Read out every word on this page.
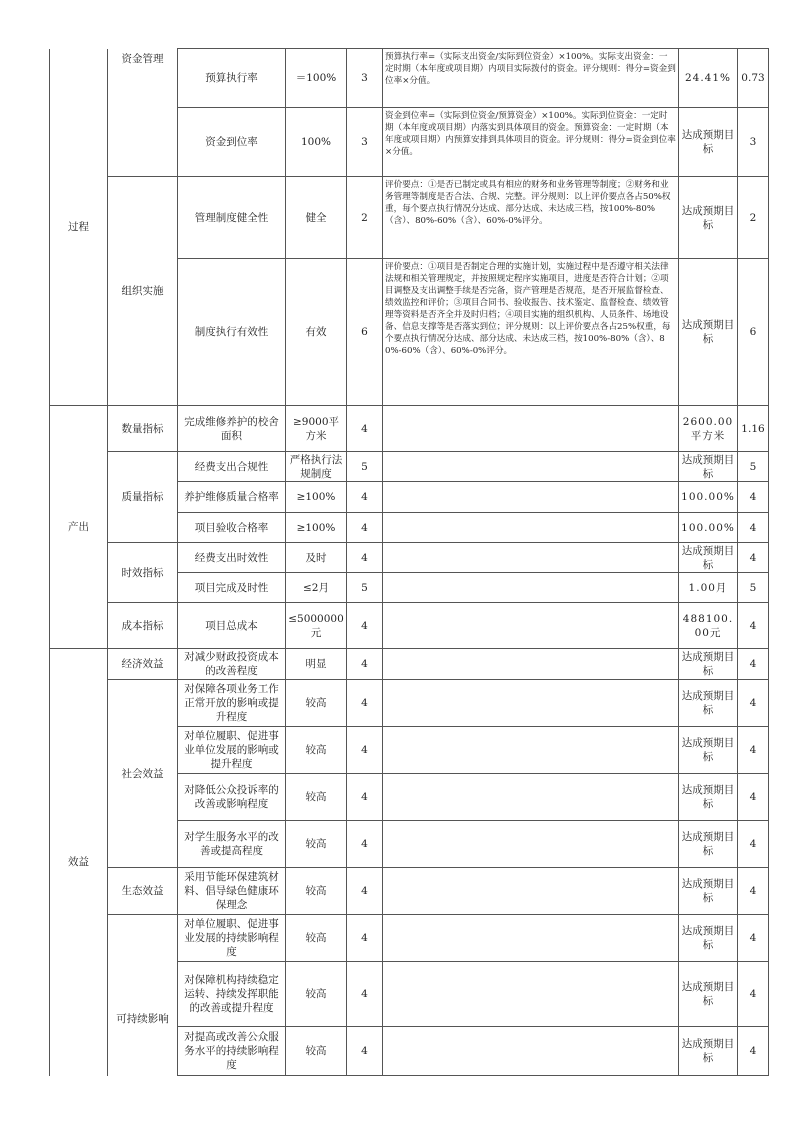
过程	资金管理	预算执行率	＝100%	3	预算执行率=（实际支出资金/实际到位资金）×100%。实际支出资金：一定时期（本年度或项目期）内项目实际拨付的资金。评分规则：得分=资金到位率×分值。	24.41%	0.73
		资金到位率	100%	3	资金到位率=（实际到位资金/预算资金）×100%。实际到位资金：一定时期（本年度或项目期）内落实到具体项目的资金。预算资金：一定时期（本年度或项目期）内预算安排到具体项目的资金。评分规则：得分=资金到位率×分值。	达成预期目标	3
	组织实施	管理制度健全性	健全	2	评价要点：①是否已制定或具有相应的财务和业务管理等制度；②财务和业务管理等制度是否合法、合规、完整。评分规则：以上评价要点各占50%权重，每个要点执行情况分达成、部分达成、未达成三档，按100%-80%（含）、80%-60%（含）、60%-0%评分。	达成预期目标	2
		制度执行有效性	有效	6	评价要点：①项目是否制定合理的实施计划，实施过程中是否遵守相关法律法规和相关管理规定，并按照规定程序实施项目，进度是否符合计划；②项目调整及支出调整手续是否完备，资产管理是否规范，是否开展监督检查、绩效监控和评价；③项目合同书、验收报告、技术鉴定、监督检查、绩效管理等资料是否齐全并及时归档；④项目实施的组织机构、人员条件、场地设备、信息支撑等是否落实到位；评分规则：以上评价要点各占25%权重，每个要点执行情况分达成、部分达成、未达成三档，按100%-80%（含）、80%-60%（含）、60%-0%评分。	达成预期目标	6
产出	数量指标	完成维修养护的校舍面积	≥9000平方米	4		2600.00平方米	1.16
	质量指标	经费支出合规性	严格执行法规制度	5		达成预期目标	5
		养护维修质量合格率	≥100%	4		100.00%	4
		项目验收合格率	≥100%	4		100.00%	4
	时效指标	经费支出时效性	及时	4		达成预期目标	4
		项目完成及时性	≤2月	5		1.00月	5
	成本指标	项目总成本	≤5000000元	4		488100.00元	4
效益	经济效益	对减少财政投资成本的改善程度	明显	4		达成预期目标	4
	社会效益	对保障各项业务工作正常开放的影响或提升程度	较高	4		达成预期目标	4
		对单位履职、促进事业单位发展的影响或提升程度	较高	4		达成预期目标	4
		对降低公众投诉率的改善或影响程度	较高	4		达成预期目标	4
		对学生服务水平的改善或提高程度	较高	4		达成预期目标	4
	生态效益	采用节能环保建筑材料、倡导绿色健康环保理念	较高	4		达成预期目标	4
	可持续影响	对单位履职、促进事业发展的持续影响程度	较高	4		达成预期目标	4
		对保障机构持续稳定运转、持续发挥职能的改善或提升程度	较高	4		达成预期目标	4
		对提高或改善公众服务水平的持续影响程度	较高	4		达成预期目标	4
